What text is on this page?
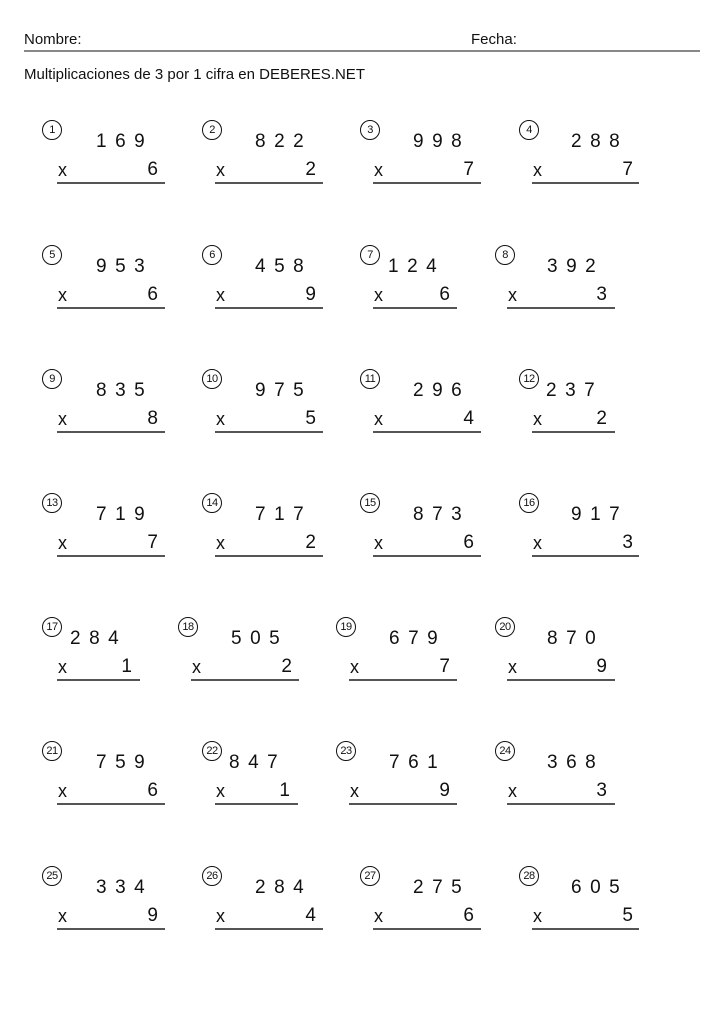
Nombre:	Fecha:
Multiplicaciones de 3 por 1 cifra en DEBERES.NET
1
169
x	6
2
822
x	2
3
998
x	7
4
288
x	7
5
953
x	6
6
458
x	9
7
124
x	6
8
392
x	3
9
835
x	8
10
975
x	5
11
296
x	4
12
237
x	2
13
719
x	7
14
717
x	2
15
873
x	6
16
917
x	3
17
284
x	1
18
505
x	2
19
679
x	7
20
870
x	9
21
759
x	6
22
847
x	1
23
761
x	9
24
368
x	3
25
334
x	9
26
284
x	4
27
275
x	6
28
605
x	5
